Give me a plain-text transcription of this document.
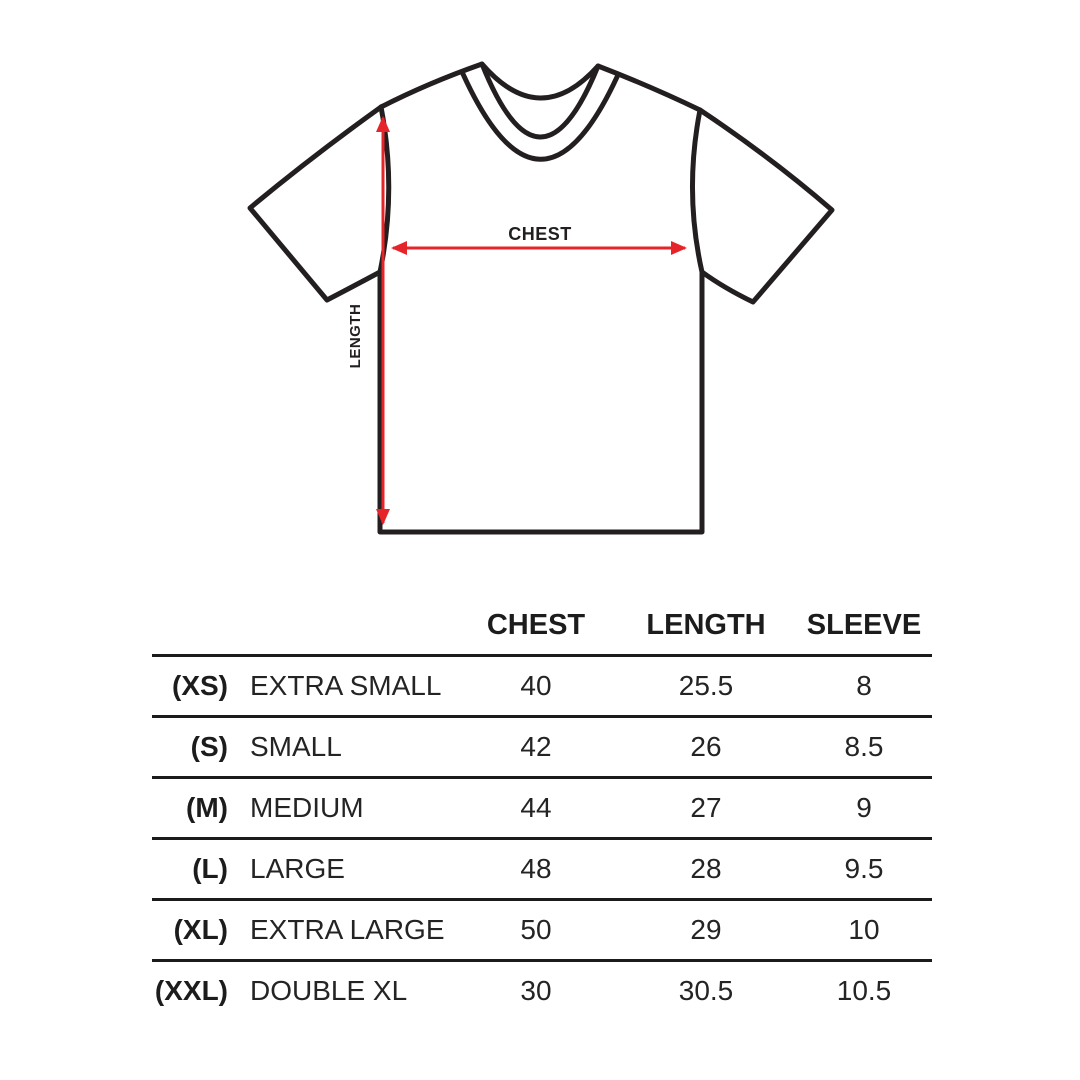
CHEST
LENGTH
		CHEST	LENGTH	SLEEVE
(XS)	EXTRA SMALL	40	25.5	8
(S)	SMALL	42	26	8.5
(M)	MEDIUM	44	27	9
(L)	LARGE	48	28	9.5
(XL)	EXTRA LARGE	50	29	10
(XXL)	DOUBLE XL	30	30.5	10.5
